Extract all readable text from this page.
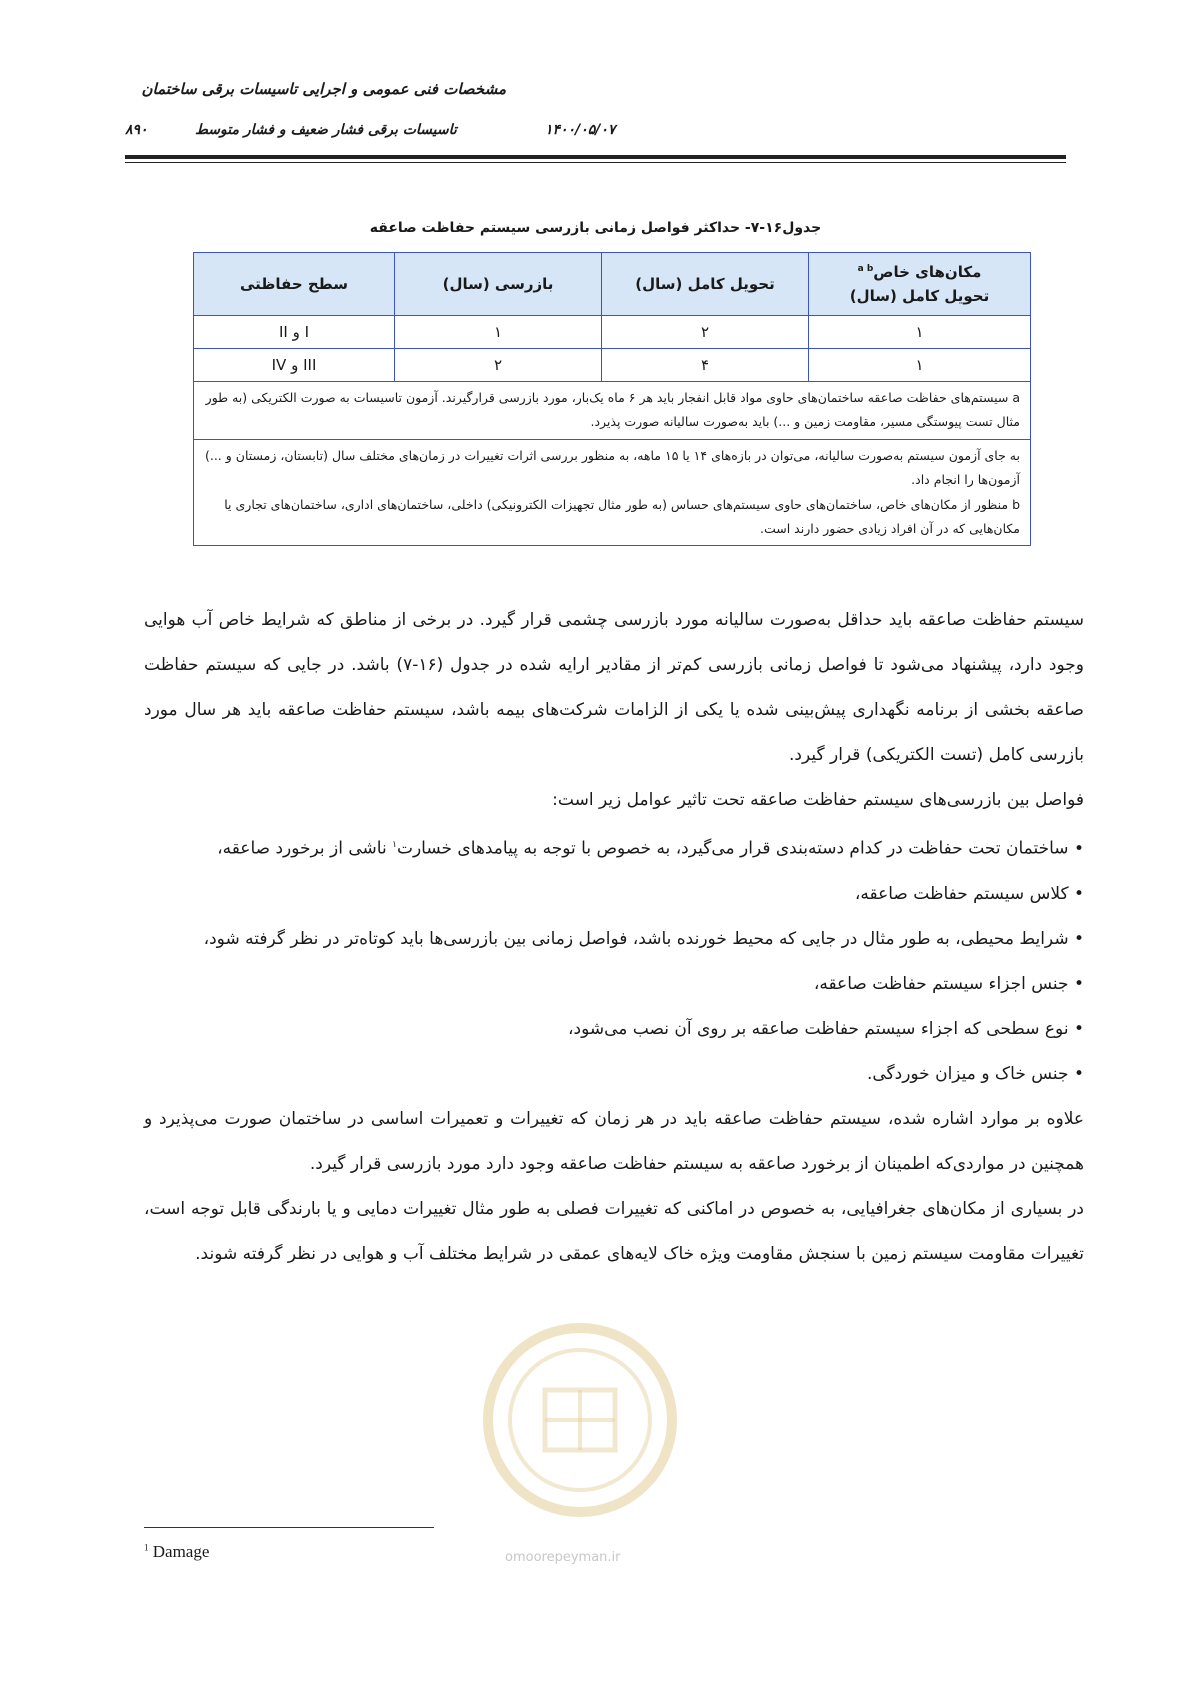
مشخصات فنی عمومی و اجرایی تاسیسات برقی ساختمان
۸۹۰	۱۴۰۰/۰۵/۰۷
تاسیسات برقی فشار ضعیف و فشار متوسط
جدول۱۶-۷- حداکثر فواصل زمانی بازرسی سیستم حفاظت صاعقه
مکان‌های خاص$^{a b}$
تحویل کامل (سال)	تحویل کامل (سال)	بازرسی (سال)	سطح حفاظتی
۱	۲	۱	I و II
۱	۴	۲	III و IV
a سیستم‌های حفاظت صاعقه ساختمان‌های حاوی مواد قابل انفجار باید هر ۶ ماه یک‌بار، مورد بازرسی قرارگیرند. آزمون تاسیسات به صورت الکتریکی (به طور مثال تست پیوستگی مسیر، مقاومت زمین و ...) باید به‌صورت سالیانه صورت پذیرد.			
به جای آزمون سیستم به‌صورت سالیانه، می‌توان در بازه‌های ۱۴ یا ۱۵ ماهه، به منظور بررسی اثرات تغییرات در زمان‌های مختلف سال (تابستان، زمستان و ...) آزمون‌ها را انجام داد.
b منظور از مکان‌های خاص، ساختمان‌های حاوی سیستم‌های حساس (به طور مثال تجهیزات الکترونیکی) داخلی، ساختمان‌های اداری، ساختمان‌های تجاری یا مکان‌هایی که در آن افراد زیادی حضور دارند است.			

سیستم حفاظت صاعقه باید حداقل به‌صورت سالیانه مورد بازرسی چشمی قرار گیرد. در برخی از مناطق که شرایط خاص آب هوایی وجود دارد، پیشنهاد می‌شود تا فواصل زمانی بازرسی کم‌تر از مقادیر ارایه شده در جدول (۱۶-۷) باشد. در جایی که سیستم حفاظت صاعقه بخشی از برنامه نگهداری پیش‌بینی شده یا یکی از الزامات شرکت‌های بیمه باشد، سیستم حفاظت صاعقه باید هر سال مورد بازرسی کامل (تست الکتریکی) قرار گیرد.

فواصل بین بازرسی‌های سیستم حفاظت صاعقه تحت تاثیر عوامل زیر است:

• ساختمان تحت حفاظت در کدام دسته‌بندی قرار می‌گیرد، به خصوص با توجه به پیامدهای خسارت$^۱$ ناشی از برخورد صاعقه،
• کلاس سیستم حفاظت صاعقه،
• شرایط محیطی، به طور مثال در جایی که محیط خورنده باشد، فواصل زمانی بین بازرسی‌ها باید کوتاه‌تر در نظر گرفته شود،
• جنس اجزاء سیستم حفاظت صاعقه،
• نوع سطحی که اجزاء سیستم حفاظت صاعقه بر روی آن نصب می‌شود،
• جنس خاک و میزان خوردگی.

علاوه بر موارد اشاره شده، سیستم حفاظت صاعقه باید در هر زمان که تغییرات و تعمیرات اساسی در ساختمان صورت می‌پذیرد و همچنین در مواردی‌که اطمینان از برخورد صاعقه به سیستم حفاظت صاعقه وجود دارد مورد بازرسی قرار گیرد.

در بسیاری از مکان‌های جغرافیایی، به خصوص در اماکنی که تغییرات فصلی به طور مثال تغییرات دمایی و یا بارندگی قابل توجه است، تغییرات مقاومت سیستم زمین با سنجش مقاومت ویژه خاک لایه‌های عمقی در شرایط مختلف آب و هوایی در نظر گرفته شوند.

omoorepeyman.ir
$^1$ Damage
